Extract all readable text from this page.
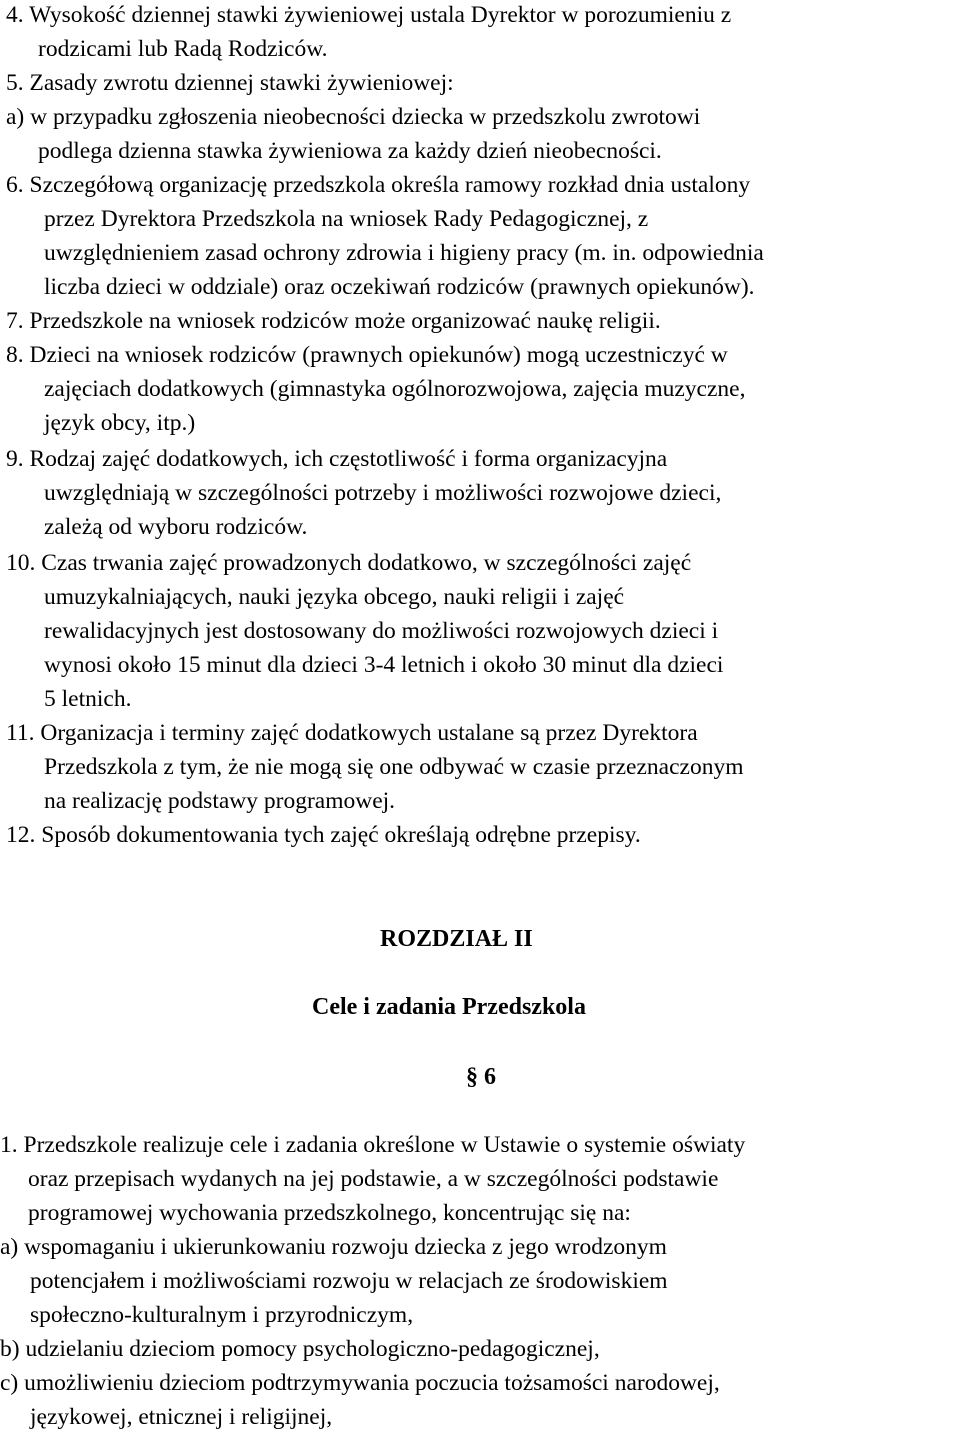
4. Wysokość dziennej stawki żywieniowej ustala Dyrektor w porozumieniu z
rodzicami lub Radą Rodziców.
5. Zasady zwrotu dziennej stawki żywieniowej:
a) w przypadku zgłoszenia nieobecności dziecka w przedszkolu zwrotowi
podlega dzienna stawka żywieniowa za każdy dzień nieobecności.
6. Szczegółową organizację przedszkola określa ramowy rozkład dnia ustalony
przez Dyrektora Przedszkola na wniosek Rady Pedagogicznej, z
uwzględnieniem zasad ochrony zdrowia i higieny pracy (m. in. odpowiednia
liczba dzieci w oddziale) oraz oczekiwań rodziców (prawnych opiekunów).
7. Przedszkole na wniosek rodziców może organizować naukę religii.
8. Dzieci na wniosek rodziców (prawnych opiekunów) mogą uczestniczyć w
zajęciach dodatkowych (gimnastyka ogólnorozwojowa, zajęcia muzyczne,
język obcy, itp.)
9. Rodzaj zajęć dodatkowych, ich częstotliwość i forma organizacyjna
uwzględniają w szczególności potrzeby i możliwości rozwojowe dzieci,
zależą od wyboru rodziców.
10. Czas trwania zajęć prowadzonych dodatkowo, w szczególności zajęć
umuzykalniających, nauki języka obcego, nauki religii i zajęć
rewalidacyjnych jest dostosowany do możliwości rozwojowych dzieci i
wynosi około 15 minut dla dzieci 3-4 letnich i około 30 minut dla dzieci
5 letnich.
11. Organizacja i terminy zajęć dodatkowych ustalane są przez Dyrektora
Przedszkola z tym, że nie mogą się one odbywać w czasie przeznaczonym
na realizację podstawy programowej.
12. Sposób dokumentowania tych zajęć określają odrębne przepisy.
ROZDZIAŁ II
Cele i zadania Przedszkola
§ 6
1. Przedszkole realizuje cele i zadania określone w Ustawie o systemie oświaty
oraz przepisach wydanych na jej podstawie, a w szczególności podstawie
programowej wychowania przedszkolnego, koncentrując się na:
a) wspomaganiu i ukierunkowaniu rozwoju dziecka z jego wrodzonym
potencjałem i możliwościami rozwoju w relacjach ze środowiskiem
społeczno-kulturalnym i przyrodniczym,
b) udzielaniu dzieciom pomocy psychologiczno-pedagogicznej,
c) umożliwieniu dzieciom podtrzymywania poczucia tożsamości narodowej,
językowej, etnicznej i religijnej,
